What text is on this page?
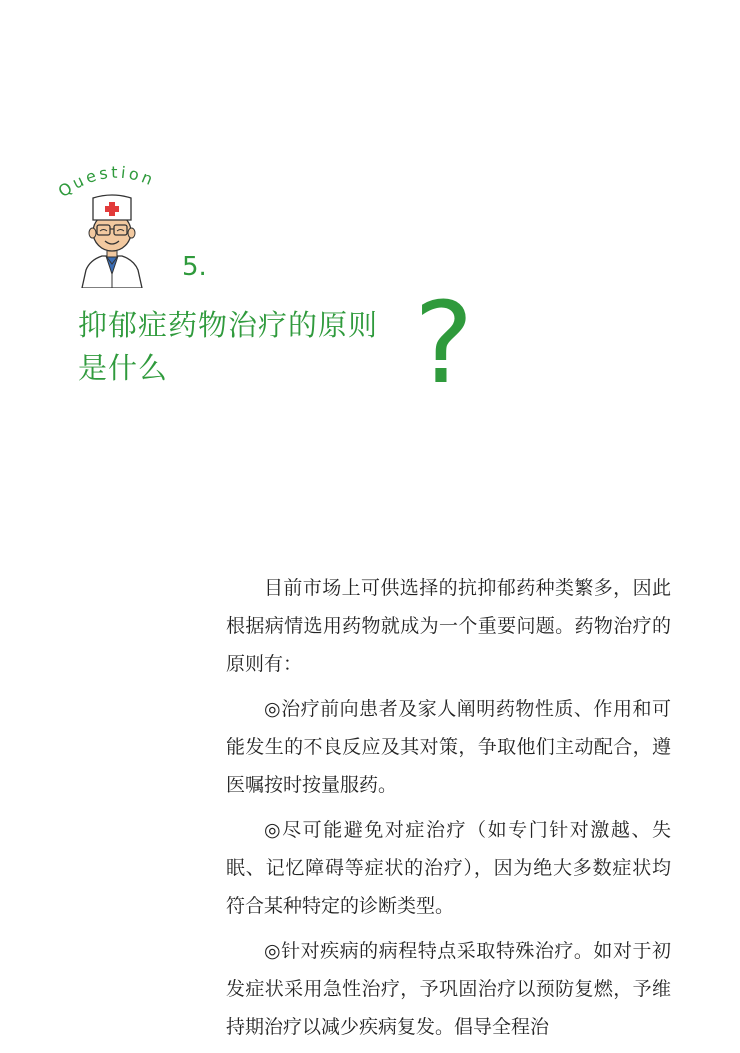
Question
5.
抑郁症药物治疗的原则
是什么	?

目前市场上可供选择的抗抑郁药种类繁多，因此根据病情选用药物就成为一个重要问题。药物治疗的原则有：

◎治疗前向患者及家人阐明药物性质、作用和可能发生的不良反应及其对策，争取他们主动配合，遵医嘱按时按量服药。

◎尽可能避免对症治疗（如专门针对激越、失眠、记忆障碍等症状的治疗），因为绝大多数症状均符合某种特定的诊断类型。

◎针对疾病的病程特点采取特殊治疗。如对于初发症状采用急性治疗，予巩固治疗以预防复燃，予维持期治疗以减少疾病复发。倡导全程治
